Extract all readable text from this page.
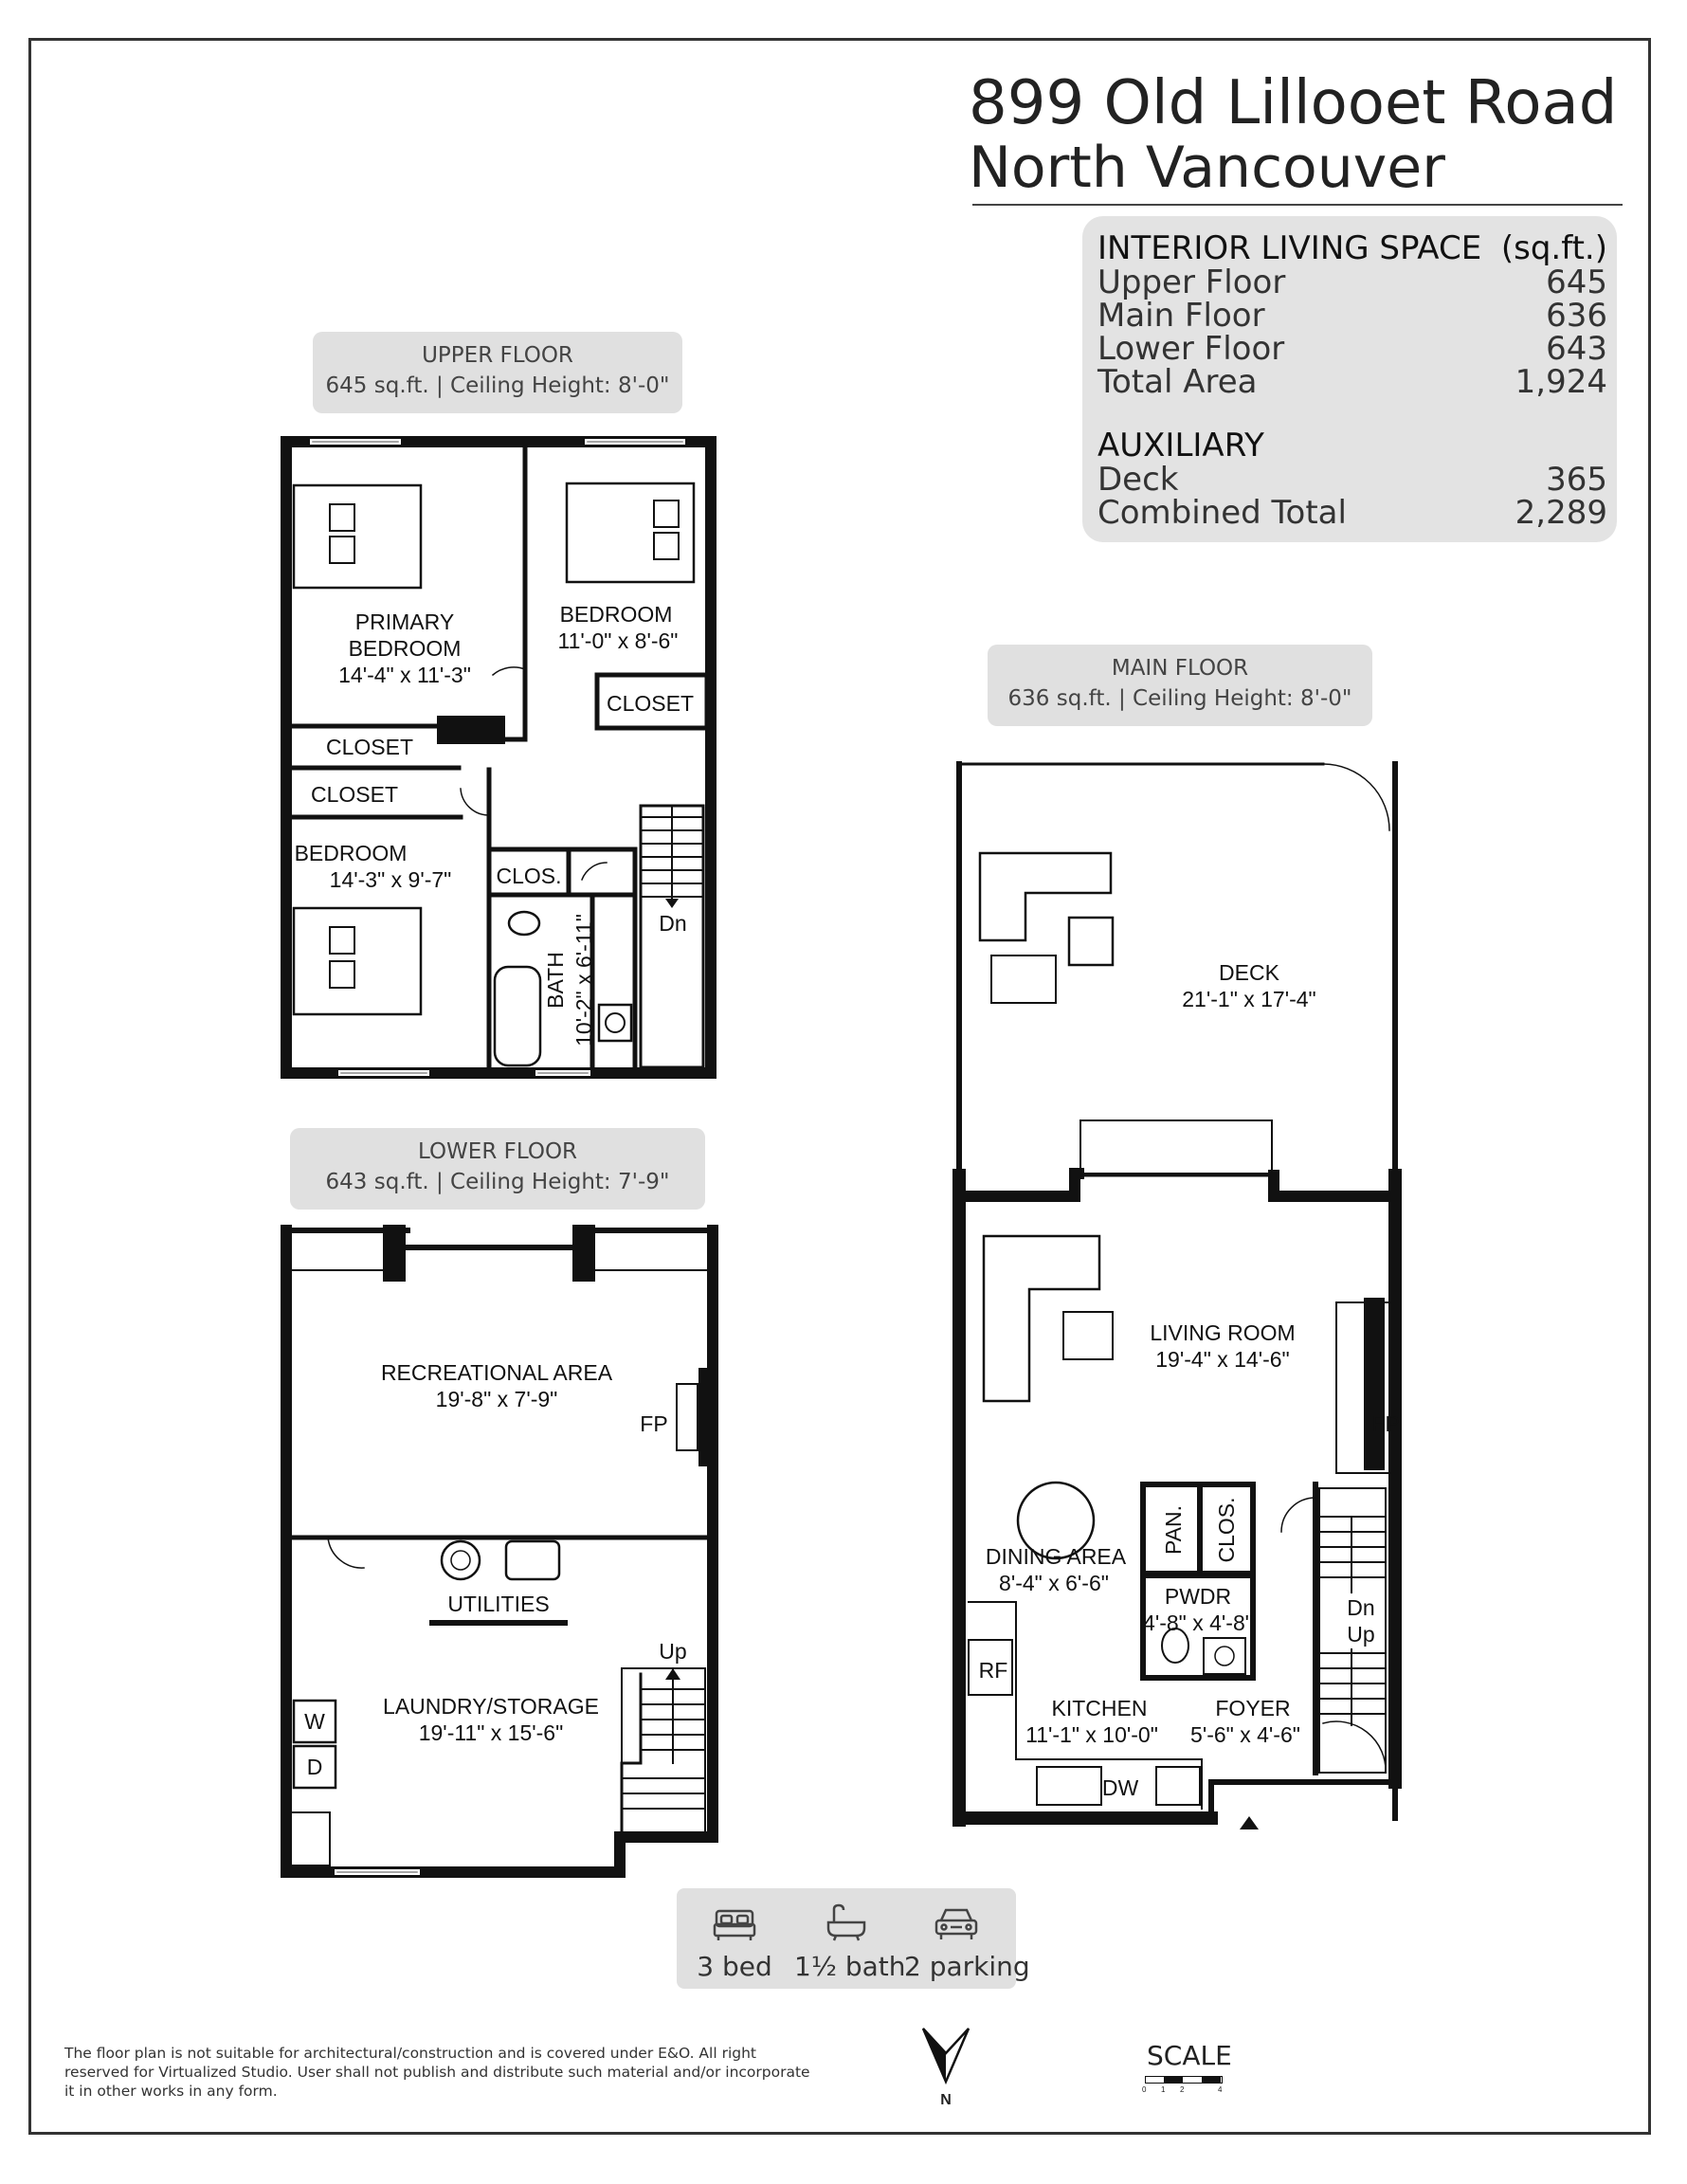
899 Old Lillooet Road
North Vancouver
INTERIOR LIVING SPACE (sq.ft.)
Upper Floor	645
Main Floor	636
Lower Floor	643
Total Area	1,924
AUXILIARY
Deck	365
Combined Total	2,289
UPPER FLOOR
645 sq.ft. | Ceiling Height: 8'-0"
MAIN FLOOR
636 sq.ft. | Ceiling Height: 8'-0"
LOWER FLOOR
643 sq.ft. | Ceiling Height: 7'-9"
PRIMARY
BEDROOM
14'-4" x 11'-3"
BEDROOM
11'-0" x 8'-6"
CLOSET
CLOSET
CLOSET
BEDROOM
14'-3" x 9'-7" CLOS.
Dn
BATH 10'-2" x 6'-11"	DECK
21'-1" x 17'-4"
LIVING ROOM
19'-4" x 14'-6"
FP
PAN. CLOS.
DINING AREA
8'-4" x 6'-6"
PWDR
4'-8" x 4'-8"
Dn
Up
RF
KITCHEN
11'-1" x 10'-0"
FOYER
5'-6" x 4'-6"
DW
RECREATIONAL AREA
19'-8" x 7'-9"
FP
UTILITIES
Up
LAUNDRY/STORAGE
19'-11" x 15'-6"
W
D
3 bed 1½ bath
2 parking
N
SCALE
0 1 2	4
The floor plan is not suitable for architectural/construction and is covered under E&O. All right reserved for Virtualized Studio. User shall not publish and distribute such material and/or incorporate it in other works in any form.
